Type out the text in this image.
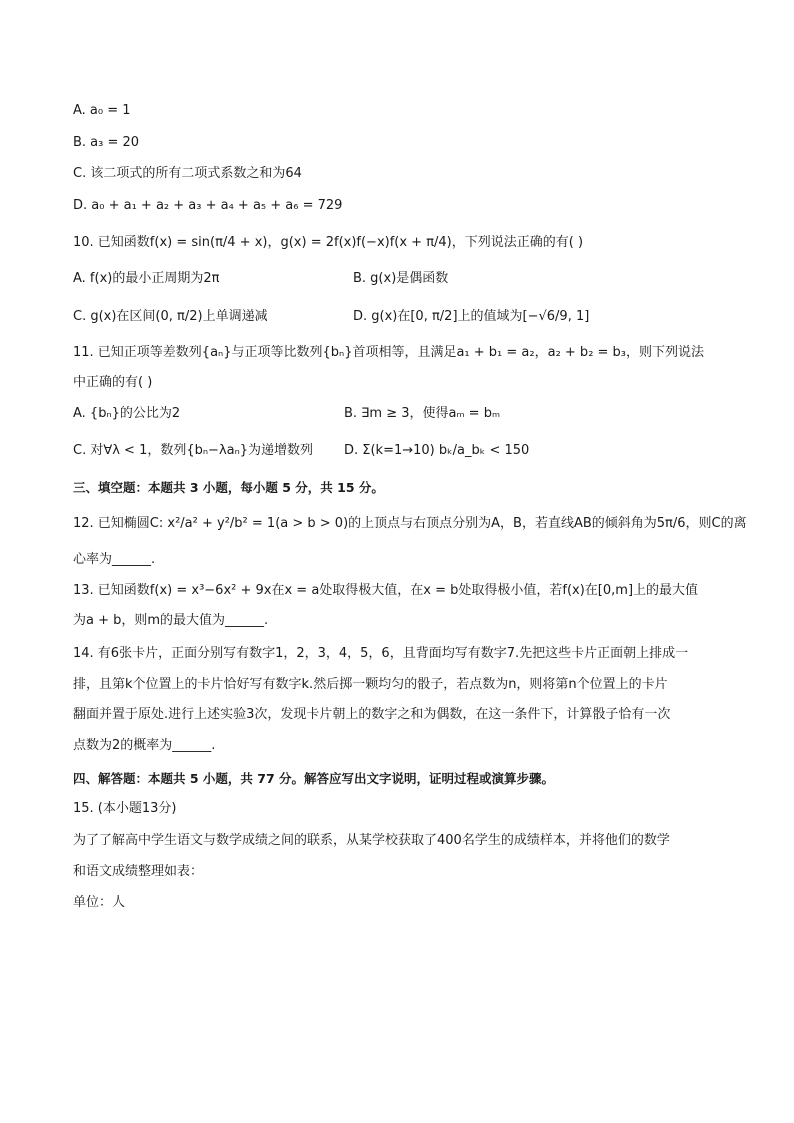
A. a₀ = 1
B. a₃ = 20
C. 该二项式的所有二项式系数之和为64
D. a₀ + a₁ + a₂ + a₃ + a₄ + a₅ + a₆ = 729
10. 已知函数f(x) = sin(π/4 + x)，g(x) = 2f(x)f(−x)f(x + π/4)，下列说法正确的有( )
A. f(x)的最小正周期为2π	B. g(x)是偶函数
C. g(x)在区间(0, π/2)上单调递减	D. g(x)在[0, π/2]上的值域为[−√6/9, 1]
11. 已知正项等差数列{aₙ}与正项等比数列{bₙ}首项相等，且满足a₁ + b₁ = a₂，a₂ + b₂ = b₃，则下列说法
中正确的有( )
A. {bₙ}的公比为2	B. ∃m ≥ 3，使得aₘ = bₘ
C. 对∀λ < 1，数列{bₙ−λaₙ}为递增数列 D. Σ(k=1→10) bₖ/a_bₖ < 150
三、填空题：本题共 3 小题，每小题 5 分，共 15 分。
12. 已知椭圆C: x²/a² + y²/b² = 1(a > b > 0)的上顶点与右顶点分别为A，B，若直线AB的倾斜角为5π/6，则C的离
心率为______.
13. 已知函数f(x) = x³−6x² + 9x在x = a处取得极大值，在x = b处取得极小值，若f(x)在[0,m]上的最大值
为a + b，则m的最大值为______.
14. 有6张卡片，正面分别写有数字1，2，3，4，5，6，且背面均写有数字7.先把这些卡片正面朝上排成一
排，且第k个位置上的卡片恰好写有数字k.然后掷一颗均匀的骰子，若点数为n，则将第n个位置上的卡片
翻面并置于原处.进行上述实验3次，发现卡片朝上的数字之和为偶数，在这一条件下，计算骰子恰有一次
点数为2的概率为______.
四、解答题：本题共 5 小题，共 77 分。解答应写出文字说明，证明过程或演算步骤。
15. (本小题13分)
为了了解高中学生语文与数学成绩之间的联系，从某学校获取了400名学生的成绩样本，并将他们的数学
和语文成绩整理如表：
单位：人
